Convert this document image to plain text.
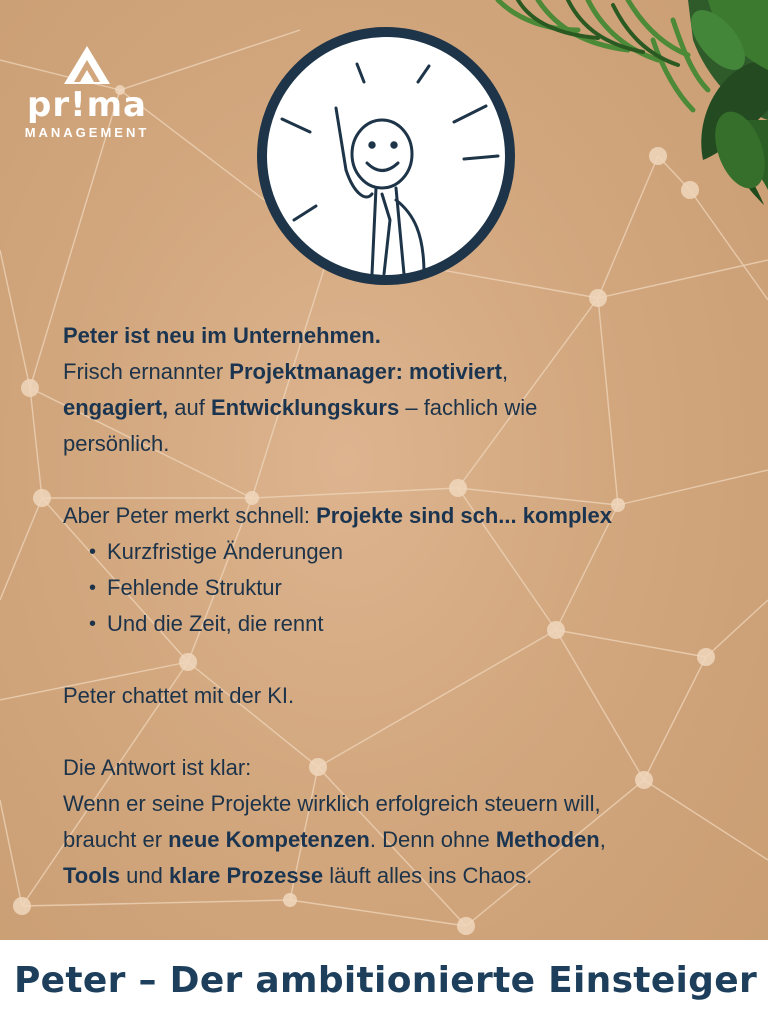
pr!ma
MANAGEMENT

Peter ist neu im Unternehmen.
Frisch ernannter Projektmanager: motiviert,
engagiert, auf Entwicklungskurs – fachlich wie
persönlich.

Aber Peter merkt schnell: Projekte sind sch... komplex

• Kurzfristige Änderungen
• Fehlende Struktur
• Und die Zeit, die rennt

Peter chattet mit der KI.

Die Antwort ist klar:
Wenn er seine Projekte wirklich erfolgreich steuern will,
braucht er neue Kompetenzen. Denn ohne Methoden,
Tools und klare Prozesse läuft alles ins Chaos.

Peter – Der ambitionierte Einsteiger
